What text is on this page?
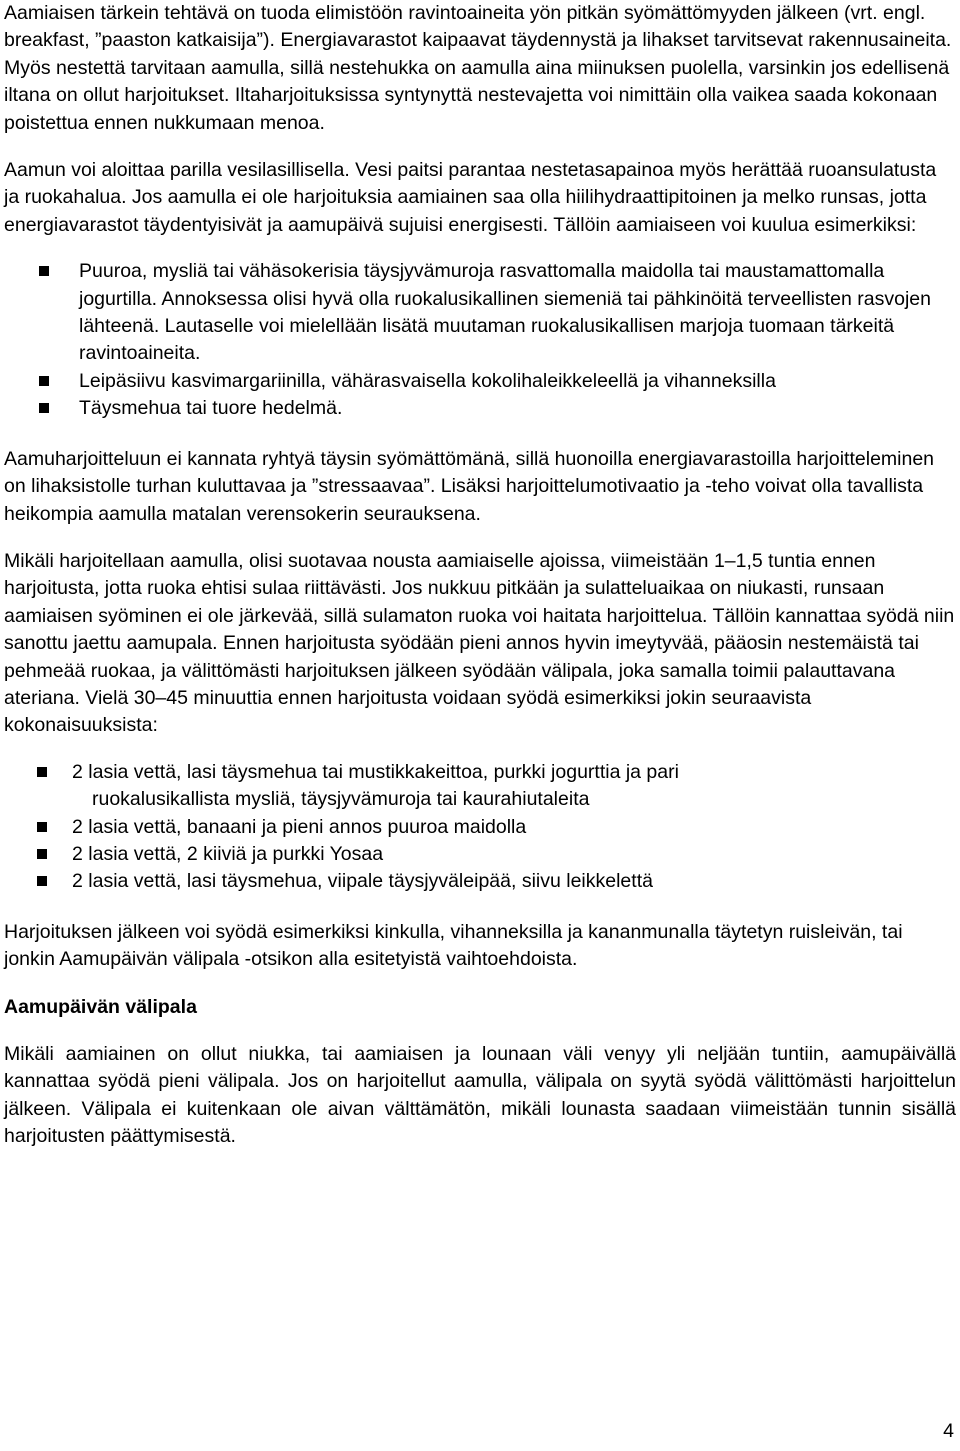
Aamiaisen tärkein tehtävä on tuoda elimistöön ravintoaineita yön pitkän syömättömyyden jälkeen (vrt. engl. breakfast, ”paaston katkaisija”). Energiavarastot kaipaavat täydennystä ja lihakset tarvitsevat rakennusaineita. Myös nestettä tarvitaan aamulla, sillä nestehukka on aamulla aina miinuksen puolella, varsinkin jos edellisenä iltana on ollut harjoitukset. Iltaharjoituksissa syntynyttä nestevajetta voi nimittäin olla vaikea saada kokonaan poistettua ennen nukkumaan menoa.

Aamun voi aloittaa parilla vesilasillisella. Vesi paitsi parantaa nestetasapainoa myös herättää ruoansulatusta ja ruokahalua. Jos aamulla ei ole harjoituksia aamiainen saa olla hiilihydraattipitoinen ja melko runsas, jotta energiavarastot täydentyisivät ja aamupäivä sujuisi energisesti. Tällöin aamiaiseen voi kuulua esimerkiksi:

Puuroa, mysliä tai vähäsokerisia täysjyvämuroja rasvattomalla maidolla tai maustamattomalla jogurtilla. Annoksessa olisi hyvä olla ruokalusikallinen siemeniä tai pähkinöitä terveellisten rasvojen lähteenä. Lautaselle voi mielellään lisätä muutaman ruokalusikallisen marjoja tuomaan tärkeitä ravintoaineita.
Leipäsiivu kasvimargariinilla, vähärasvaisella kokolihaleikkeleellä ja vihanneksilla
Täysmehua tai tuore hedelmä.

Aamuharjoitteluun ei kannata ryhtyä täysin syömättömänä, sillä huonoilla energiavarastoilla harjoitteleminen on lihaksistolle turhan kuluttavaa ja ”stressaavaa”. Lisäksi harjoittelumotivaatio ja -teho voivat olla tavallista heikompia aamulla matalan verensokerin seurauksena.

Mikäli harjoitellaan aamulla, olisi suotavaa nousta aamiaiselle ajoissa, viimeistään 1–1,5 tuntia ennen harjoitusta, jotta ruoka ehtisi sulaa riittävästi. Jos nukkuu pitkään ja sulatteluaikaa on niukasti, runsaan aamiaisen syöminen ei ole järkevää, sillä sulamaton ruoka voi haitata harjoittelua. Tällöin kannattaa syödä niin sanottu jaettu aamupala. Ennen harjoitusta syödään pieni annos hyvin imeytyvää, pääosin nestemäistä tai pehmeää ruokaa, ja välittömästi harjoituksen jälkeen syödään välipala, joka samalla toimii palauttavana ateriana. Vielä 30–45 minuuttia ennen harjoitusta voidaan syödä esimerkiksi jokin seuraavista kokonaisuuksista:

2 lasia vettä, lasi täysmehua tai mustikkakeittoa, purkki jogurttia ja pari
ruokalusikallista mysliä, täysjyvämuroja tai kaurahiutaleita
2 lasia vettä, banaani ja pieni annos puuroa maidolla
2 lasia vettä, 2 kiiviä ja purkki Yosaa
2 lasia vettä, lasi täysmehua, viipale täysjyväleipää, siivu leikkelettä

Harjoituksen jälkeen voi syödä esimerkiksi kinkulla, vihanneksilla ja kananmunalla täytetyn ruisleivän, tai jonkin Aamupäivän välipala -otsikon alla esitetyistä vaihtoehdoista.

Aamupäivän välipala

Mikäli aamiainen on ollut niukka, tai aamiaisen ja lounaan väli venyy yli neljään tuntiin, aamupäivällä kannattaa syödä pieni välipala. Jos on harjoitellut aamulla, välipala on syytä syödä välittömästi harjoittelun jälkeen. Välipala ei kuitenkaan ole aivan välttämätön, mikäli lounasta saadaan viimeistään tunnin sisällä harjoitusten päättymisestä.

4
